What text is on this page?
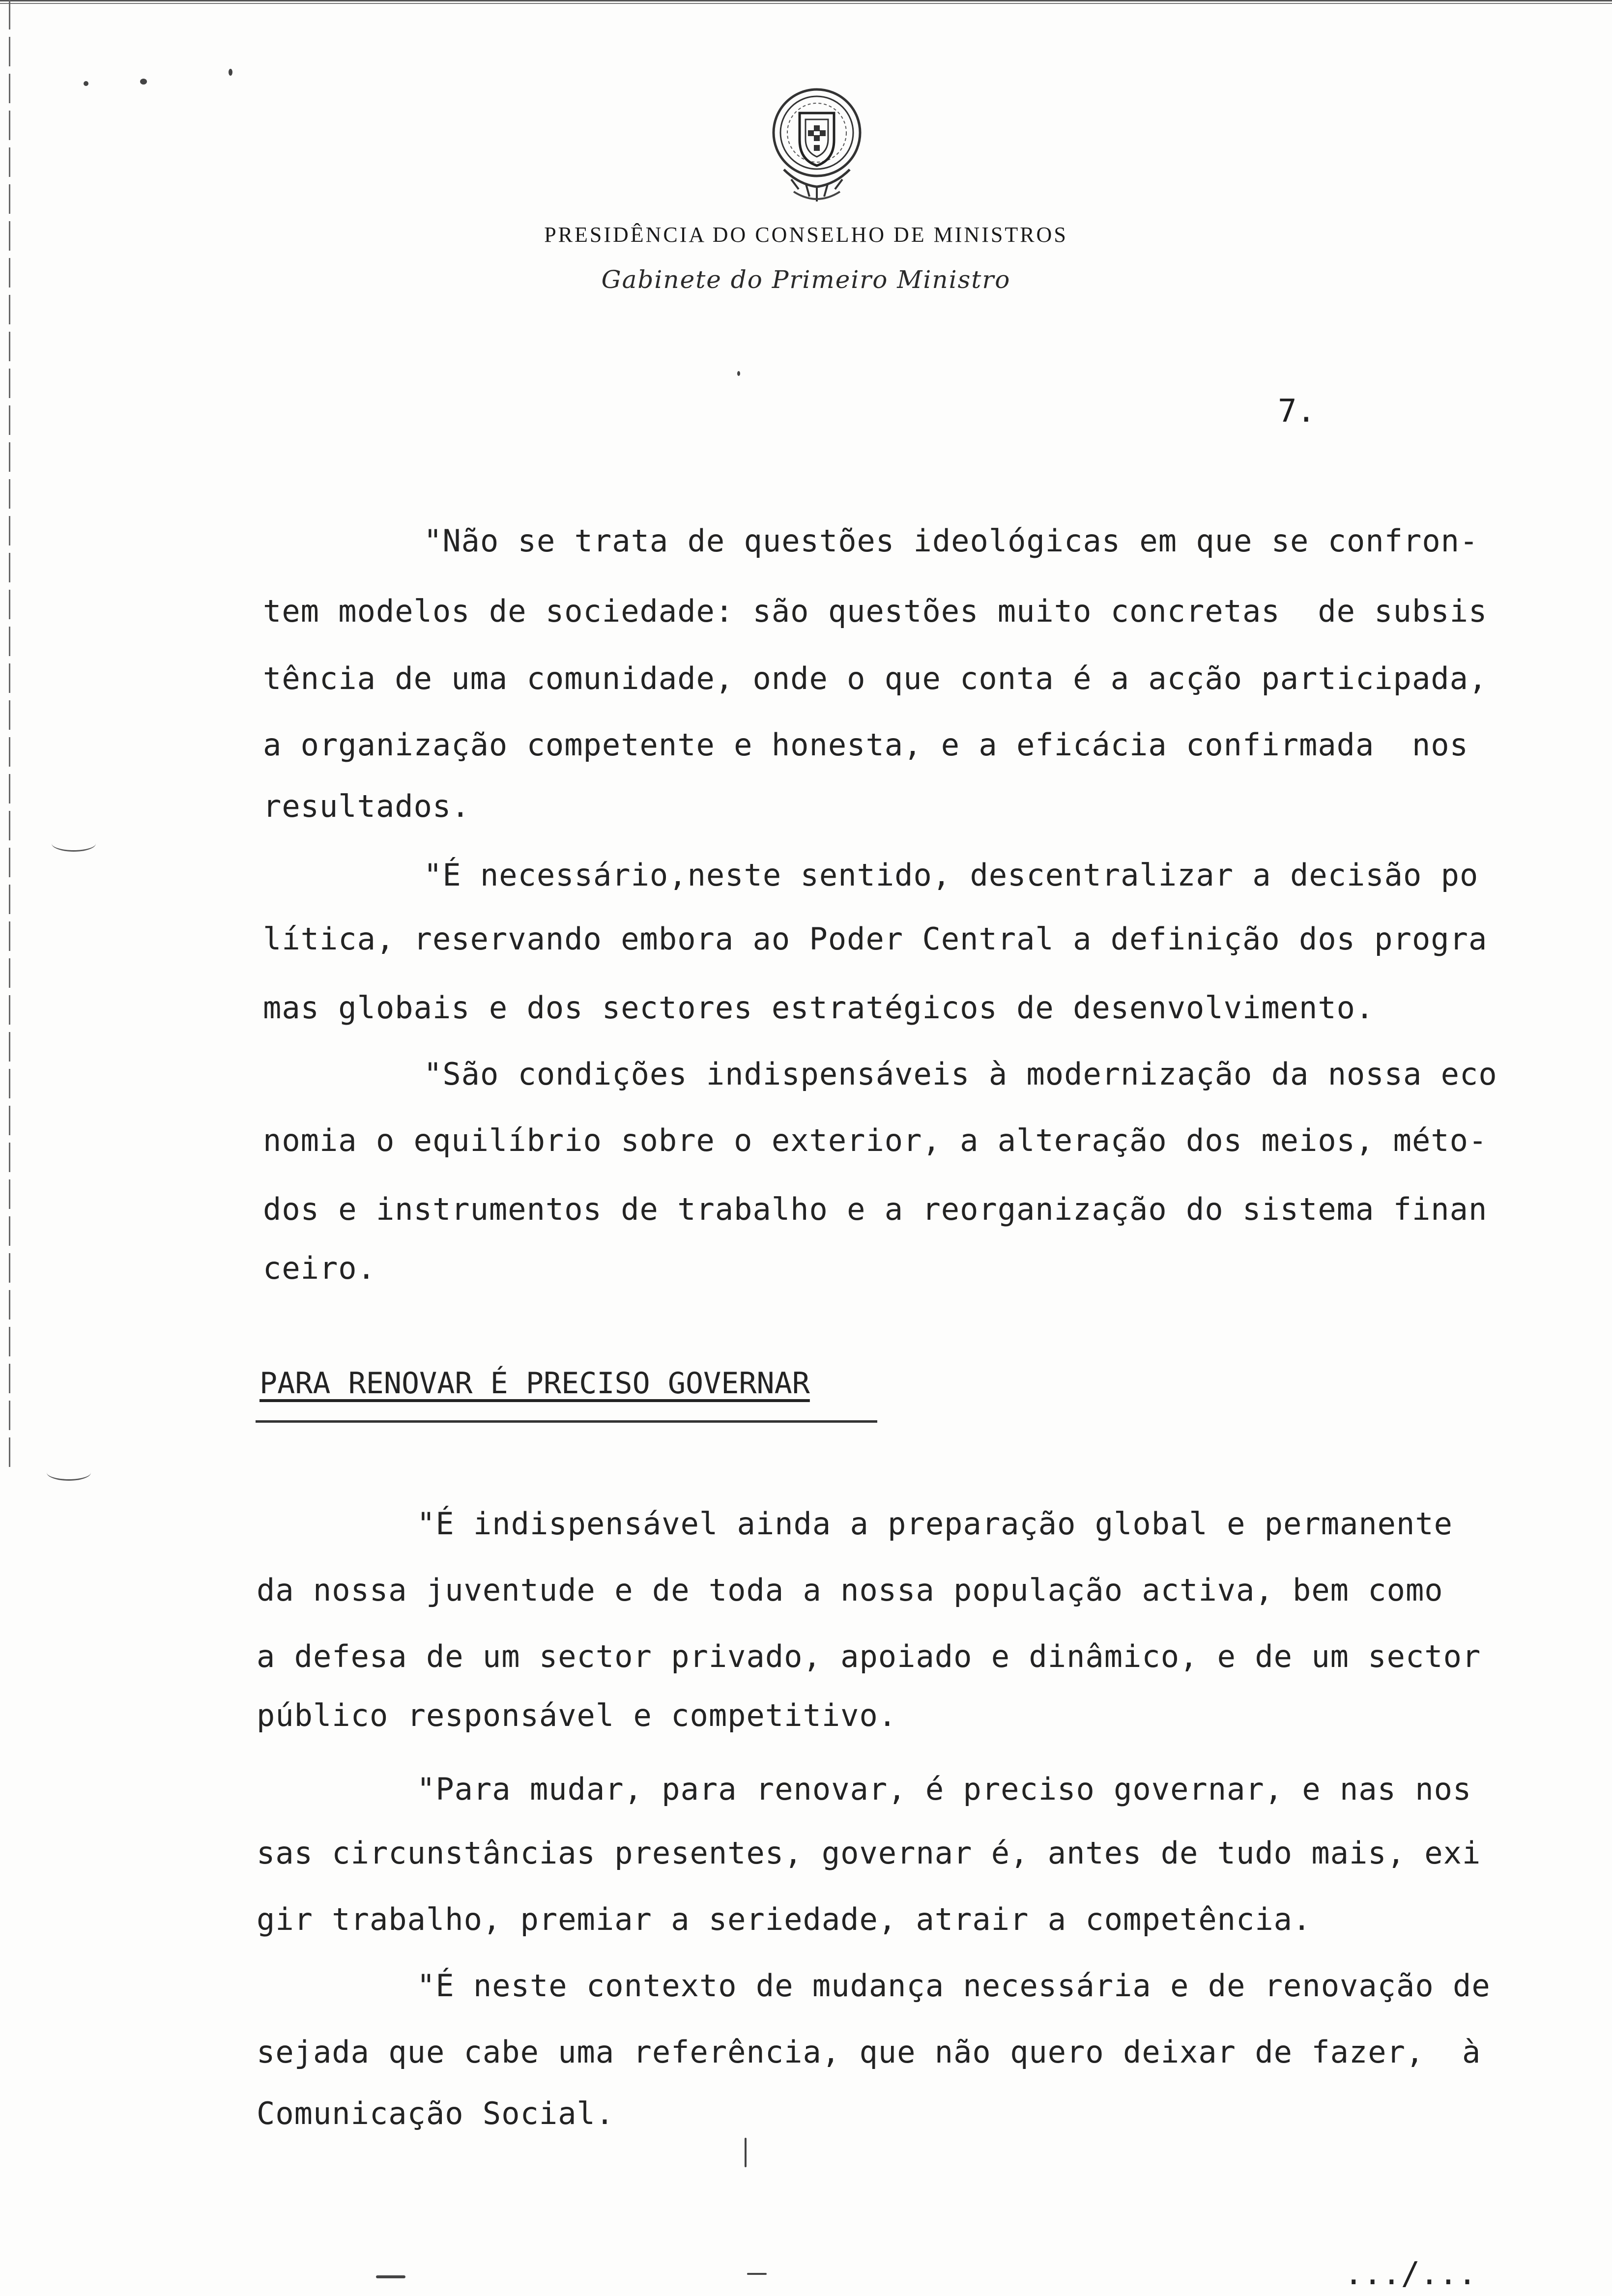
PRESIDÊNCIA DO CONSELHO DE MINISTROS
Gabinete do Primeiro Ministro
7.
"Não se trata de questões ideológicas em que se confron-
tem modelos de sociedade: são questões muito concretas  de subsis
tência de uma comunidade, onde o que conta é a acção participada,
a organização competente e honesta, e a eficácia confirmada  nos
resultados.
"É necessário,neste sentido, descentralizar a decisão po
lítica, reservando embora ao Poder Central a definição dos progra
mas globais e dos sectores estratégicos de desenvolvimento.
"São condições indispensáveis à modernização da nossa eco
nomia o equilíbrio sobre o exterior, a alteração dos meios, méto-
dos e instrumentos de trabalho e a reorganização do sistema finan
ceiro.
PARA RENOVAR É PRECISO GOVERNAR
"É indispensável ainda a preparação global e permanente
da nossa juventude e de toda a nossa população activa, bem como
a defesa de um sector privado, apoiado e dinâmico, e de um sector
público responsável e competitivo.
"Para mudar, para renovar, é preciso governar, e nas nos
sas circunstâncias presentes, governar é, antes de tudo mais, exi
gir trabalho, premiar a seriedade, atrair a competência.
"É neste contexto de mudança necessária e de renovação de
sejada que cabe uma referência, que não quero deixar de fazer,  à
Comunicação Social.
.../...
